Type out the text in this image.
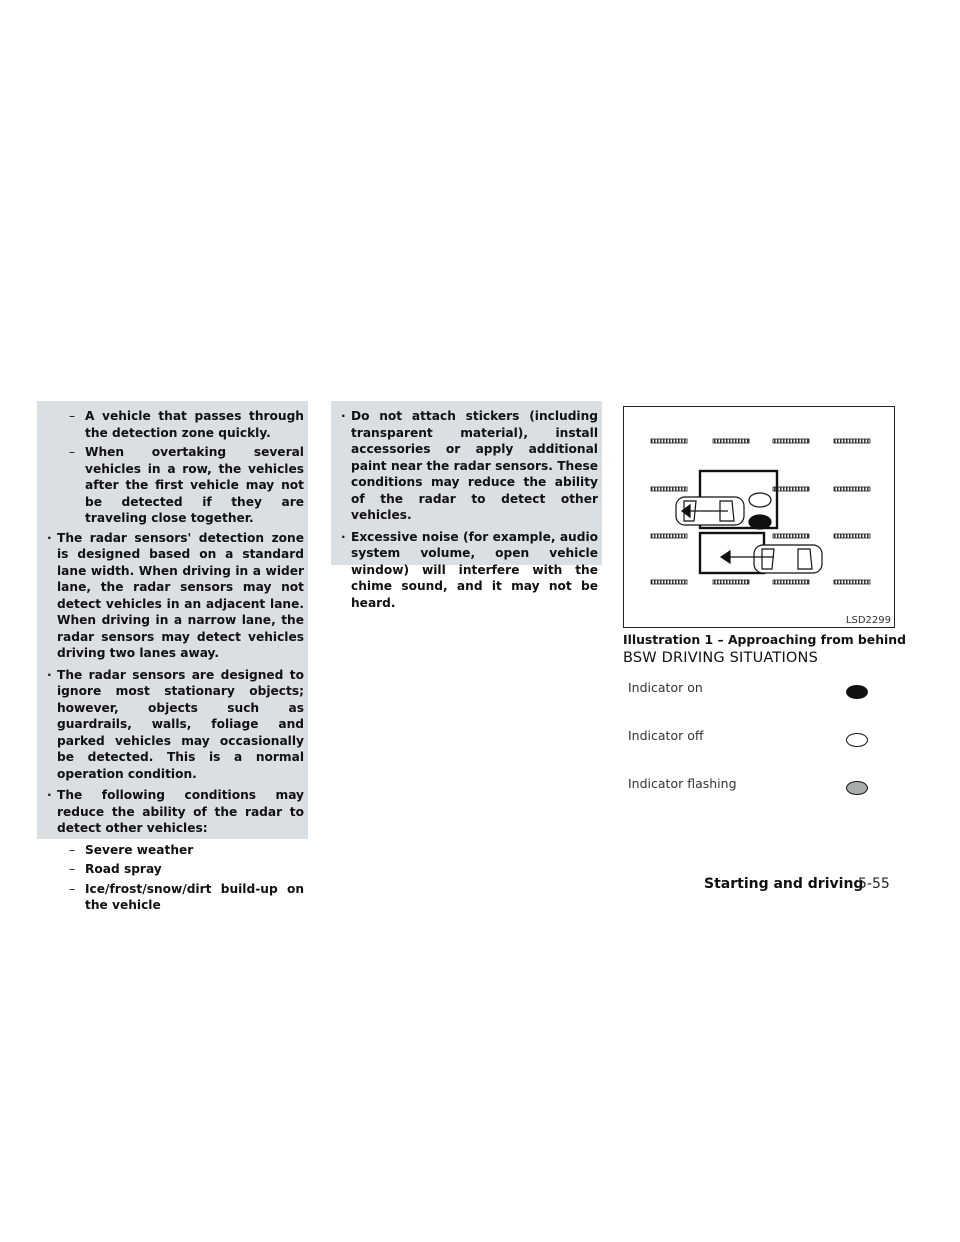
– A vehicle that passes through the detection zone quickly.
– When overtaking several vehicles in a row, the vehicles after the first vehicle may not be detected if they are traveling close together.
· The radar sensors' detection zone is designed based on a standard lane width. When driving in a wider lane, the radar sensors may not detect vehicles in an adjacent lane. When driving in a narrow lane, the radar sensors may detect vehicles driving two lanes away.
· The radar sensors are designed to ignore most stationary objects; however, objects such as guardrails, walls, foliage and parked vehicles may occasionally be detected. This is a normal operation condition.
· The following conditions may reduce the ability of the radar to detect other vehicles:
– Severe weather
– Road spray
– Ice/frost/snow/dirt build-up on the vehicle
· Do not attach stickers (including transparent material), install accessories or apply additional paint near the radar sensors. These conditions may reduce the ability of the radar to detect other vehicles.
· Excessive noise (for example, audio system volume, open vehicle window) will interfere with the chime sound, and it may not be heard.
LSD2299
Illustration 1 – Approaching from behind
BSW DRIVING SITUATIONS
Indicator on
Indicator off
Indicator flashing
Starting and driving
5-55
